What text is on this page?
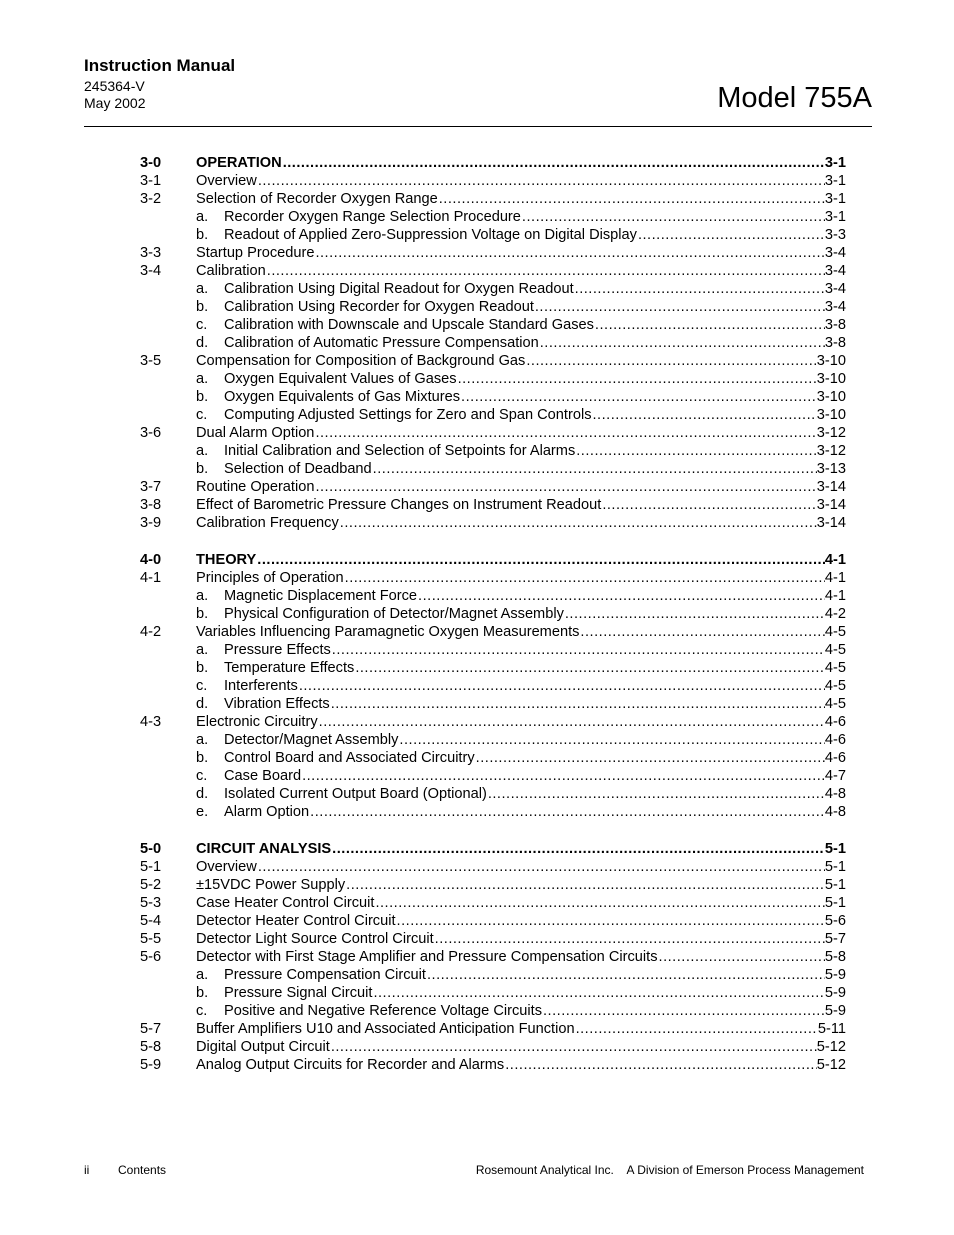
Instruction Manual
245364-V
May 2002	Model 755A
3-0 OPERATION .....	3-1
3-1 Overview .....	3-1
3-2 Selection of Recorder Oxygen Range .....	3-1
a. Recorder Oxygen Range Selection Procedure .....	3-1
b. Readout of Applied Zero-Suppression Voltage on Digital Display .....	3-3
3-3 Startup Procedure .....	3-4
3-4 Calibration .....	3-4
a. Calibration Using Digital Readout for Oxygen Readout .....	3-4
b. Calibration Using Recorder for Oxygen Readout .....	3-4
c. Calibration with Downscale and Upscale Standard Gases .....	3-8
d. Calibration of Automatic Pressure Compensation .....	3-8
3-5 Compensation for Composition of Background Gas .....	3-10
a. Oxygen Equivalent Values of Gases .....	3-10
b. Oxygen Equivalents of Gas Mixtures .....	3-10
c. Computing Adjusted Settings for Zero and Span Controls .....	3-10
3-6 Dual Alarm Option .....	3-12
a. Initial Calibration and Selection of Setpoints for Alarms .....	3-12
b. Selection of Deadband .....	3-13
3-7 Routine Operation .....	3-14
3-8 Effect of Barometric Pressure Changes on Instrument Readout .....	3-14
3-9 Calibration Frequency .....	3-14
4-0 THEORY .....	4-1
4-1 Principles of Operation .....	4-1
a. Magnetic Displacement Force .....	4-1
b. Physical Configuration of Detector/Magnet Assembly .....	4-2
4-2 Variables Influencing Paramagnetic Oxygen Measurements .....	4-5
a. Pressure Effects .....	4-5
b. Temperature Effects .....	4-5
c. Interferents .....	4-5
d. Vibration Effects .....	4-5
4-3 Electronic Circuitry .....	4-6
a. Detector/Magnet Assembly .....	4-6
b. Control Board and Associated Circuitry .....	4-6
c. Case Board .....	4-7
d. Isolated Current Output Board (Optional) .....	4-8
e. Alarm Option .....	4-8
5-0 CIRCUIT ANALYSIS .....	5-1
5-1 Overview .....	5-1
5-2 ±15VDC Power Supply .....	5-1
5-3 Case Heater Control Circuit .....	5-1
5-4 Detector Heater Control Circuit .....	5-6
5-5 Detector Light Source Control Circuit .....	5-7
5-6 Detector with First Stage Amplifier and Pressure Compensation Circuits .....	5-8
a. Pressure Compensation Circuit .....	5-9
b. Pressure Signal Circuit .....	5-9
c. Positive and Negative Reference Voltage Circuits .....	5-9
5-7 Buffer Amplifiers U10 and Associated Anticipation Function .....	5-11
5-8 Digital Output Circuit .....	5-12
5-9 Analog Output Circuits for Recorder and Alarms .....	5-12
ii Contents	Rosemount Analytical Inc.    A Division of Emerson Process Management
